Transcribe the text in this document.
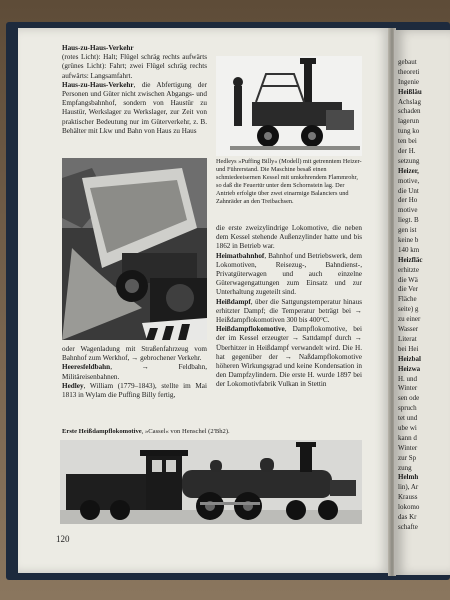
Haus-zu-Haus-Verkehr

(rotes Licht): Halt; Flügel schräg rechts aufwärts (grünes Licht): Fahrt; zwei Flügel schräg rechts aufwärts: Langsamfahrt.

Haus-zu-Haus-Verkehr, die Abfertigung der Personen und Güter nicht zwischen Abgangs- und Empfangsbahnhof, sondern von Haustür zu Haustür, Werkslager zu Werkslager, zur Zeit von praktischer Bedeutung nur im Güterverkehr, z. B. Behälter mit Lkw und Bahn von Haus zu Haus

oder Wagenladung mit Straßenfahrzeug vom Bahnhof zum Werkhof, → gebrochener Verkehr.

Heeresfeldbahn, → Feldbahn, Militäreisenbahnen.

Hedley, William (1779–1843), stellte im Mai 1813 in Wylam die Puffing Billy fertig,

Hedleys »Puffing Billy« (Modell) mit getrenntem Heizer- und Führerstand. Die Maschine besaß einen schmiedeeisernen Kessel mit umkehrendem Flammrohr, so daß die Feuertür unter dem Schornstein lag. Der Antrieb erfolgte über zwei einarmige Balanciers und Zahnräder an den Treibachsen.

die erste zweizylindrige Lokomotive, die neben dem Kessel stehende Außenzylinder hatte und bis 1862 in Betrieb war.

Heimatbahnhof, Bahnhof und Betriebswerk, dem Lokomotiven, Reisezug-, Bahndienst-, Privatgüterwagen und auch einzelne Güterwagengattungen zum Einsatz und zur Unterhaltung zugeteilt sind.

Heißdampf, über die Sattgungstemperatur hinaus erhitzter Dampf; die Temperatur beträgt bei → Heißdampflokomotiven 300 bis 400°C.

Heißdampflokomotive, Dampflokomotive, bei der im Kessel erzeugter → Sattdampf durch → Überhitzer in Heißdampf verwandelt wird. Die H. hat gegenüber der → Naßdampflokomotive höheren Wirkungsgrad und keine Kondensation in den Dampfzylindern. Die erste H. wurde 1897 bei der Lokomotivfabrik Vulkan in Stettin

Erste Heißdampflokomotive, »Cassel« von Henschel (2'Bh2).
120
gebaut
theoreti
Ingenie
Heißläu
Achslag
schaden
lagerun
tung ko
ten bei
der H.
setzung
Heizer,
motive,
die Unt
der Ho
motive
liegt. B
gen ist
keine b
140 km
Heizfläc
erhitzte
die Wä
die Ver
Fläche
seite) g
zu einer
Wasser
Literat
bei Hei
Heizbal
Heizwa
H. und
Winter
sen ode
spruch
tet und
ube wi
kann d
Winter
zur Sp
zung
Helmh
lin), Ar
Krauss
lokomo
das Kr
schafte
